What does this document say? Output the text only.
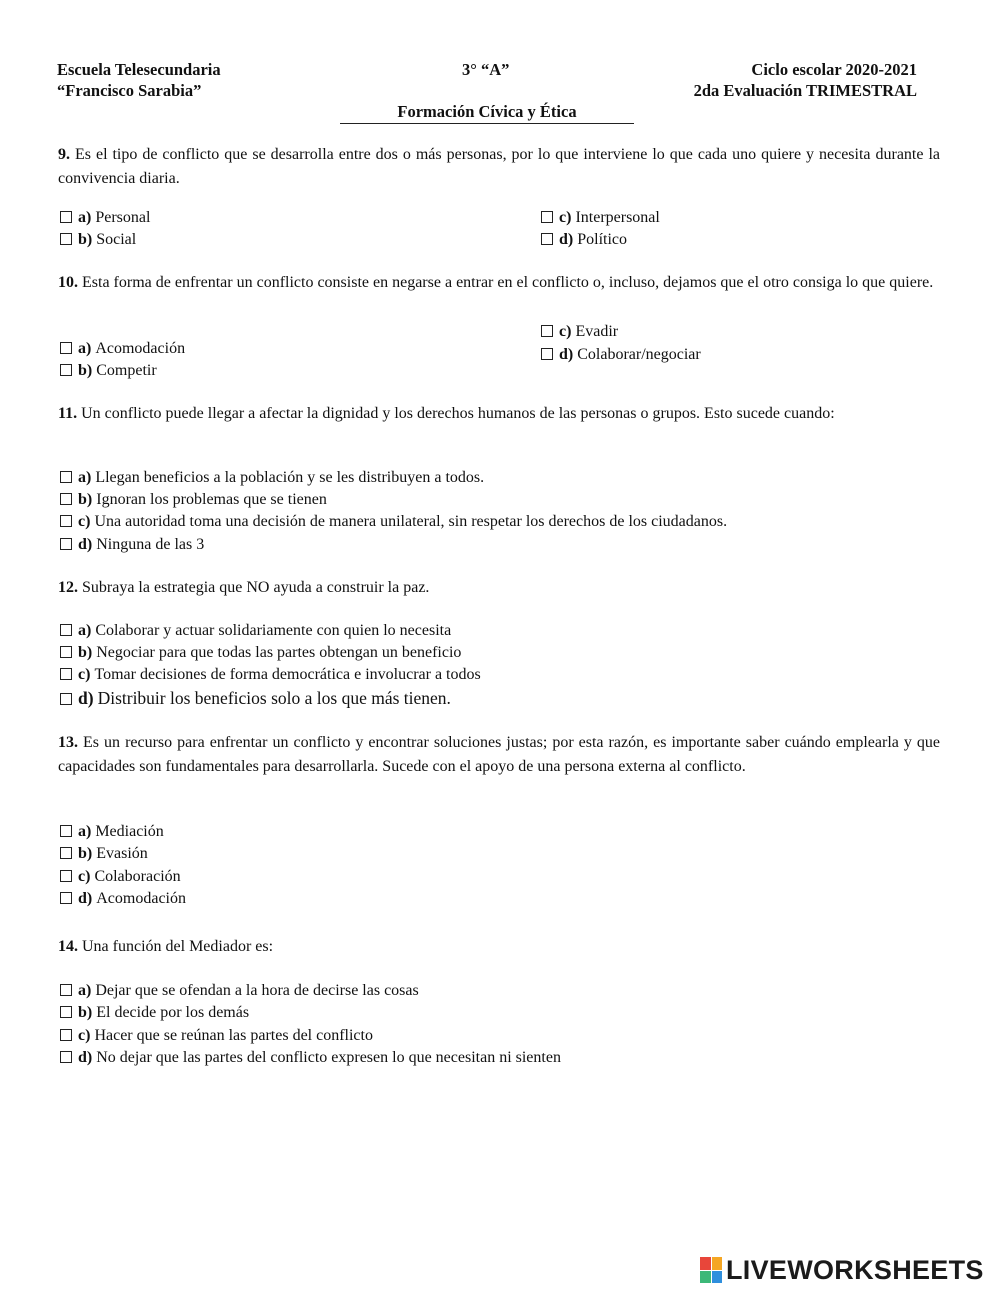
Escuela Telesecundaria
“Francisco Sarabia”
3° “A”	Ciclo escolar 2020-2021
2da Evaluación TRIMESTRAL
Formación Cívica y Ética
9. Es el tipo de conflicto que se desarrolla entre dos o más personas, por lo que interviene lo que cada uno quiere y necesita durante la convivencia diaria.
a) Personal
b) Social
c) Interpersonal
d) Político
10. Esta forma de enfrentar un conflicto consiste en negarse a entrar en el conflicto o, incluso, dejamos que el otro consiga lo que quiere.
a) Acomodación
b) Competir
c) Evadir
d) Colaborar/negociar
11. Un conflicto puede llegar a afectar la dignidad y los derechos humanos de las personas o grupos. Esto sucede cuando:
a) Llegan beneficios a la población y se les distribuyen a todos.
b) Ignoran los problemas que se tienen
c) Una autoridad toma una decisión de manera unilateral, sin respetar los derechos de los ciudadanos.
d) Ninguna de las 3
12. Subraya la estrategia que NO ayuda a construir la paz.
a) Colaborar y actuar solidariamente con quien lo necesita
b) Negociar para que todas las partes obtengan un beneficio
c) Tomar decisiones de forma democrática e involucrar a todos
d) Distribuir los beneficios solo a los que más tienen.
13. Es un recurso para enfrentar un conflicto y encontrar soluciones justas; por esta razón, es importante saber cuándo emplearla y que capacidades son fundamentales para desarrollarla. Sucede con el apoyo de una persona externa al conflicto.
a) Mediación
b) Evasión
c) Colaboración
d) Acomodación
14. Una función del Mediador es:
a) Dejar que se ofendan a la hora de decirse las cosas
b) El decide por los demás
c) Hacer que se reúnan las partes del conflicto
d) No dejar que las partes del conflicto expresen lo que necesitan ni sienten
LIVEWORKSHEETS
